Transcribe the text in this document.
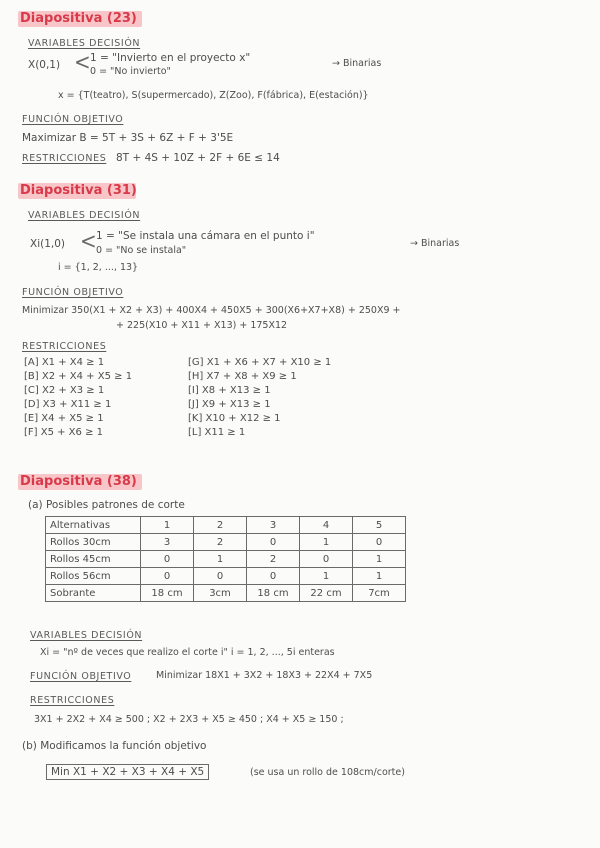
Diapositiva (23)
VARIABLES DECISIÓN
X(0,1) < 1 = "Invierto en el proyecto x"
0 = "No invierto"
→ Binarias
x = {T(teatro), S(supermercado), Z(Zoo), F(fábrica), E(estación)}
FUNCIÓN OBJETIVO
Maximizar B = 5T + 3S + 6Z + F + 3'5E
RESTRICCIONES 8T + 4S + 10Z + 2F + 6E ≤ 14
Diapositiva (31)
VARIABLES DECISIÓN
Xi(1,0) < 1 = "Se instala una cámara en el punto i"
0 = "No se instala"
→ Binarias
i = {1, 2, ..., 13}
FUNCIÓN OBJETIVO
Minimizar 350(X1 + X2 + X3) + 400X4 + 450X5 + 300(X6+X7+X8) + 250X9 +
+ 225(X10 + X11 + X13) + 175X12
RESTRICCIONES
[A] X1 + X4 ≥ 1
[B] X2 + X4 + X5 ≥ 1
[C] X2 + X3 ≥ 1
[D] X3 + X11 ≥ 1
[E] X4 + X5 ≥ 1
[F] X5 + X6 ≥ 1
[G] X1 + X6 + X7 + X10 ≥ 1
[H] X7 + X8 + X9 ≥ 1
[I] X8 + X13 ≥ 1
[J] X9 + X13 ≥ 1
[K] X10 + X12 ≥ 1
[L] X11 ≥ 1
Diapositiva (38)
(a) Posibles patrones de corte
Alternativas	1	2	3	4	5
Rollos 30cm	3	2	0	1	0
Rollos 45cm	0	1	2	0	1
Rollos 56cm	0	0	0	1	1
Sobrante	18 cm	3cm	18 cm	22 cm	7cm
VARIABLES DECISIÓN
Xi = "nº de veces que realizo el corte i" i = 1, 2, ..., 5i enteras
FUNCIÓN OBJETIVO	Minimizar 18X1 + 3X2 + 18X3 + 22X4 + 7X5
RESTRICCIONES
3X1 + 2X2 + X4 ≥ 500 ; X2 + 2X3 + X5 ≥ 450 ; X4 + X5 ≥ 150 ;
(b) Modificamos la función objetivo
Min X1 + X2 + X3 + X4 + X5	(se usa un rollo de 108cm/corte)
